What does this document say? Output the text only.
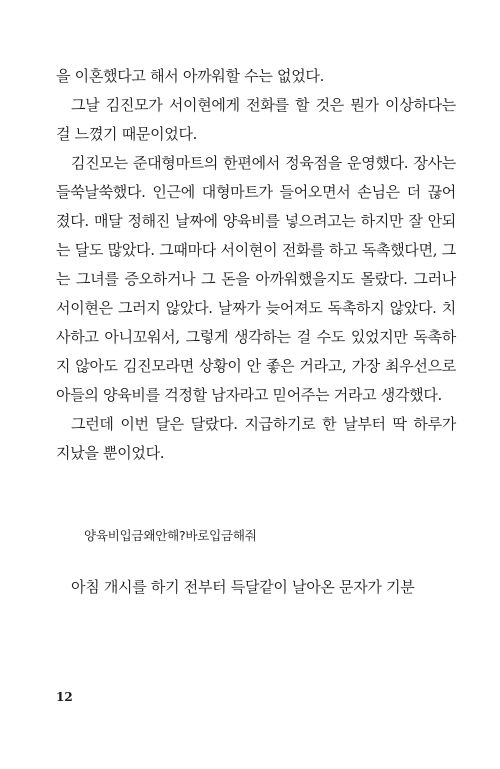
을 이혼했다고 해서 아까워할 수는 없었다.

그날 김진모가 서이현에게 전화를 할 것은 뭔가 이상하다는 걸 느꼈기 때문이었다.

김진모는 준대형마트의 한편에서 정육점을 운영했다. 장사는 들쑥날쑥했다. 인근에 대형마트가 들어오면서 손님은 더 끊어졌다. 매달 정해진 날짜에 양육비를 넣으려고는 하지만 잘 안되는 달도 많았다. 그때마다 서이현이 전화를 하고 독촉했다면, 그는 그녀를 증오하거나 그 돈을 아까워했을지도 몰랐다. 그러나 서이현은 그러지 않았다. 날짜가 늦어져도 독촉하지 않았다. 치사하고 아니꼬워서, 그렇게 생각하는 걸 수도 있었지만 독촉하지 않아도 김진모라면 상황이 안 좋은 거라고, 가장 최우선으로 아들의 양육비를 걱정할 남자라고 믿어주는 거라고 생각했다.

그런데 이번 달은 달랐다. 지급하기로 한 날부터 딱 하루가 지났을 뿐이었다.

양육비입금왜안해?바로입금해줘
아침 개시를 하기 전부터 득달같이 날아온 문자가 기분
12
